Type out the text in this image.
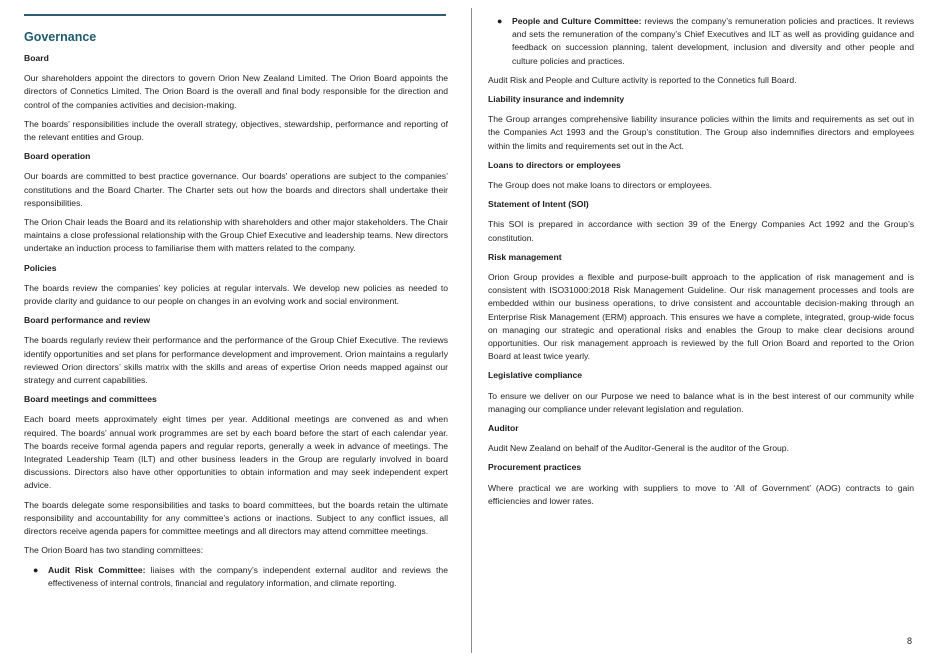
Governance
Board
Our shareholders appoint the directors to govern Orion New Zealand Limited. The Orion Board appoints the directors of Connetics Limited. The Orion Board is the overall and final body responsible for the direction and control of the companies activities and decision-making.
The boards’ responsibilities include the overall strategy, objectives, stewardship, performance and reporting of the relevant entities and Group.
Board operation
Our boards are committed to best practice governance. Our boards’ operations are subject to the companies’ constitutions and the Board Charter. The Charter sets out how the boards and directors shall undertake their responsibilities.
The Orion Chair leads the Board and its relationship with shareholders and other major stakeholders. The Chair maintains a close professional relationship with the Group Chief Executive and leadership teams. New directors undertake an induction process to familiarise them with matters related to the company.
Policies
The boards review the companies’ key policies at regular intervals. We develop new policies as needed to provide clarity and guidance to our people on changes in an evolving work and social environment.
Board performance and review
The boards regularly review their performance and the performance of the Group Chief Executive. The reviews identify opportunities and set plans for performance development and improvement. Orion maintains a regularly reviewed Orion directors’ skills matrix with the skills and areas of expertise Orion needs mapped against our strategy and current capabilities.
Board meetings and committees
Each board meets approximately eight times per year. Additional meetings are convened as and when required. The boards’ annual work programmes are set by each board before the start of each calendar year. The boards receive formal agenda papers and regular reports, generally a week in advance of meetings. The Integrated Leadership Team (ILT) and other business leaders in the Group are regularly involved in board discussions. Directors also have other opportunities to obtain information and may seek independent expert advice.
The boards delegate some responsibilities and tasks to board committees, but the boards retain the ultimate responsibility and accountability for any committee’s actions or inactions. Subject to any conflict issues, all directors receive agenda papers for committee meetings and all directors may attend committee meetings.
The Orion Board has two standing committees:
● Audit Risk Committee: liaises with the company’s independent external auditor and reviews the effectiveness of internal controls, financial and regulatory information, and climate reporting.
● People and Culture Committee: reviews the company’s remuneration policies and practices. It reviews and sets the remuneration of the company’s Chief Executives and ILT as well as providing guidance and feedback on succession planning, talent development, inclusion and diversity and other people and culture policies and practices.
Audit Risk and People and Culture activity is reported to the Connetics full Board.
Liability insurance and indemnity
The Group arranges comprehensive liability insurance policies within the limits and requirements as set out in the Companies Act 1993 and the Group’s constitution. The Group also indemnifies directors and employees within the limits and requirements set out in the Act.
Loans to directors or employees
The Group does not make loans to directors or employees.
Statement of Intent (SOI)
This SOI is prepared in accordance with section 39 of the Energy Companies Act 1992 and the Group’s constitution.
Risk management
Orion Group provides a flexible and purpose-built approach to the application of risk management and is consistent with ISO31000:2018 Risk Management Guideline. Our risk management processes and tools are embedded within our business operations, to drive consistent and accountable decision-making through an Enterprise Risk Management (ERM) approach. This ensures we have a complete, integrated, group-wide focus on managing our strategic and operational risks and enables the Group to make clear decisions around opportunities. Our risk management approach is reviewed by the full Orion Board and reported to the Orion Board at least twice yearly.
Legislative compliance
To ensure we deliver on our Purpose we need to balance what is in the best interest of our community while managing our compliance under relevant legislation and regulation.
Auditor
Audit New Zealand on behalf of the Auditor-General is the auditor of the Group.
Procurement practices
Where practical we are working with suppliers to move to ‘All of Government’ (AOG) contracts to gain efficiencies and lower rates.
8
